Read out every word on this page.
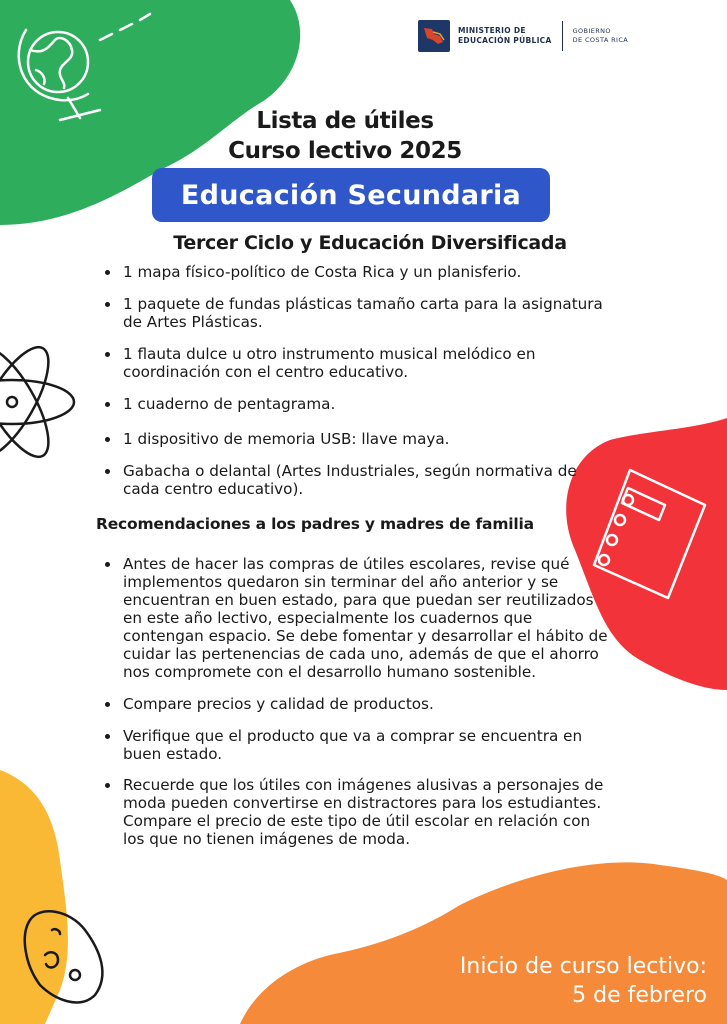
MINISTERIO DE
EDUCACIÓN PÚBLICA
GOBIERNO
DE COSTA RICA
Lista de útiles
Curso lectivo 2025
Educación Secundaria
Tercer Ciclo y Educación Diversificada
1 mapa físico-político de Costa Rica y un planisferio.
1 paquete de fundas plásticas tamaño carta para la asignatura de Artes Plásticas.
1 flauta dulce u otro instrumento musical melódico en coordinación con el centro educativo.
1 cuaderno de pentagrama.
1 dispositivo de memoria USB: llave maya.
Gabacha o delantal (Artes Industriales, según normativa de cada centro educativo).
Recomendaciones a los padres y madres de familia
Antes de hacer las compras de útiles escolares, revise qué implementos quedaron sin terminar del año anterior y se encuentran en buen estado, para que puedan ser reutilizados en este año lectivo, especialmente los cuadernos que contengan espacio. Se debe fomentar y desarrollar el hábito de cuidar las pertenencias de cada uno, además de que el ahorro nos compromete con el desarrollo humano sostenible.
Compare precios y calidad de productos.
Verifique que el producto que va a comprar se encuentra en buen estado.
Recuerde que los útiles con imágenes alusivas a personajes de moda pueden convertirse en distractores para los estudiantes. Compare el precio de este tipo de útil escolar en relación con los que no tienen imágenes de moda.
Inicio de curso lectivo:
5 de febrero
